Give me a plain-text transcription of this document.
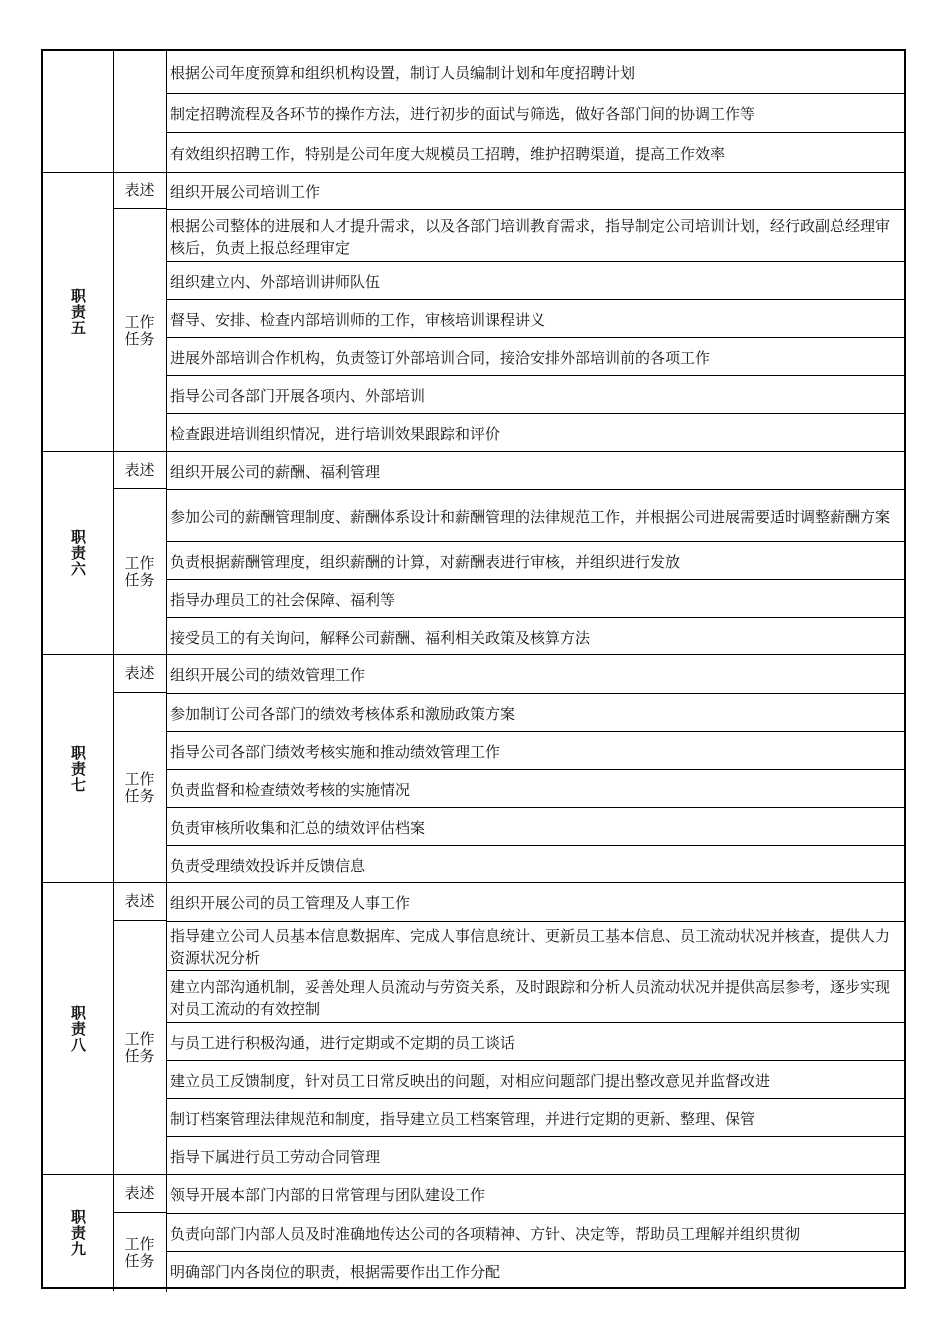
根据公司年度预算和组织机构设置，制订人员编制计划和年度招聘计划
制定招聘流程及各环节的操作方法，进行初步的面试与筛选，做好各部门间的协调工作等
有效组织招聘工作，特别是公司年度大规模员工招聘，维护招聘渠道，提高工作效率
职责五
表述
工作任务
组织开展公司培训工作
根据公司整体的进展和人才提升需求，以及各部门培训教育需求，指导制定公司培训计划，经行政副总经理审核后，负责上报总经理审定
组织建立内、外部培训讲师队伍
督导、安排、检查内部培训师的工作，审核培训课程讲义
进展外部培训合作机构，负责签订外部培训合同，接洽安排外部培训前的各项工作
指导公司各部门开展各项内、外部培训
检查跟进培训组织情况，进行培训效果跟踪和评价
职责六
表述
工作任务
组织开展公司的薪酬、福利管理
参加公司的薪酬管理制度、薪酬体系设计和薪酬管理的法律规范工作，并根据公司进展需要适时调整薪酬方案
负责根据薪酬管理度，组织薪酬的计算，对薪酬表进行审核，并组织进行发放
指导办理员工的社会保障、福利等
接受员工的有关询问，解释公司薪酬、福利相关政策及核算方法
职责七
表述
工作任务
组织开展公司的绩效管理工作
参加制订公司各部门的绩效考核体系和激励政策方案
指导公司各部门绩效考核实施和推动绩效管理工作
负责监督和检查绩效考核的实施情况
负责审核所收集和汇总的绩效评估档案
负责受理绩效投诉并反馈信息
职责八
表述
工作任务
组织开展公司的员工管理及人事工作
指导建立公司人员基本信息数据库、完成人事信息统计、更新员工基本信息、员工流动状况并核查，提供人力资源状况分析
建立内部沟通机制，妥善处理人员流动与劳资关系，及时跟踪和分析人员流动状况并提供高层参考，逐步实现对员工流动的有效控制
与员工进行积极沟通，进行定期或不定期的员工谈话
建立员工反馈制度，针对员工日常反映出的问题，对相应问题部门提出整改意见并监督改进
制订档案管理法律规范和制度，指导建立员工档案管理，并进行定期的更新、整理、保管
指导下属进行员工劳动合同管理
职责九
表述
工作任务
领导开展本部门内部的日常管理与团队建设工作
负责向部门内部人员及时准确地传达公司的各项精神、方针、决定等，帮助员工理解并组织贯彻
明确部门内各岗位的职责，根据需要作出工作分配
